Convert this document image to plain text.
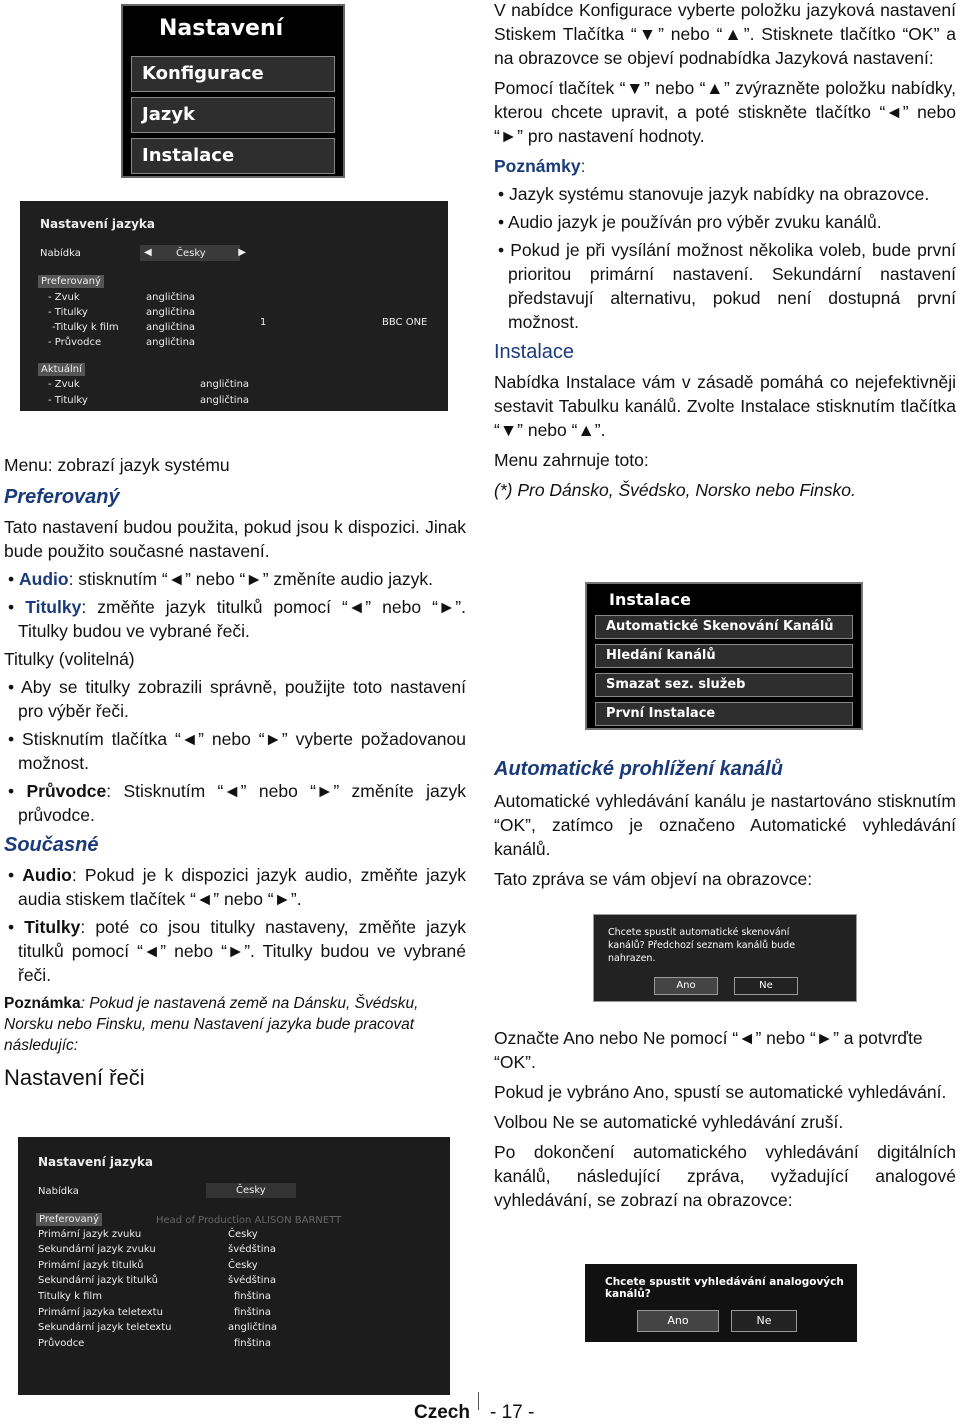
Nastavení
Konfigurace
Jazyk
Instalace
Nastavení jazyka
Nabídka	◀ Česky	▶
Preferovaný
- Zvuk	angličtina
- Titulky	angličtina
-Titulky k film	angličtina
- Průvodce	angličtina
1	BBC ONE
Aktuální
- Zvuk	angličtina
- Titulky	angličtina

Menu: zobrazí jazyk systému

Preferovaný

Tato nastavení budou použita, pokud jsou k dispozici. Jinak bude použito současné nastavení.

• Audio: stisknutím “◄” nebo “►” změníte audio jazyk.

• Titulky: změňte jazyk titulků pomocí “◄” nebo “►”. Titulky budou ve vybrané řeči.

Titulky (volitelná)

• Aby se titulky zobrazili správně, použijte toto nastavení pro výběr řeči.

• Stisknutím tlačítka “◄” nebo “►” vyberte požadovanou možnost.

• Průvodce: Stisknutím “◄” nebo “►” změníte jazyk průvodce.

Současné

• Audio: Pokud je k dispozici jazyk audio, změňte jazyk audia stiskem tlačítek “◄” nebo “►”.

• Titulky: poté co jsou titulky nastaveny, změňte jazyk titulků pomocí “◄” nebo “►”. Titulky budou ve vybrané řeči.

Poznámka: Pokud je nastavená země na Dánsku, Švédsku, Norsku nebo Finsku, menu Nastavení jazyka bude pracovat následujíc:

Nastavení řeči
Nastavení jazyka
Nabídka	Česky
Preferovaný	Head of Production ALISON BARNETT
Primární jazyk zvuku	Česky
Sekundární jazyk zvuku	švédština
Primární jazyk titulků	Česky
Sekundární jazyk titulků	švédština
Titulky k film	finština
Primární jazyka teletextu	finština
Sekundární jazyk teletextu	angličtina
Průvodce	finština

V nabídce Konfigurace vyberte položku jazyková nastavení Stiskem Tlačítka “▼” nebo “▲”. Stisknete tlačítko “OK” a na obrazovce se objeví podnabídka Jazyková nastavení:

Pomocí tlačítek “▼” nebo “▲” zvýrazněte položku nabídky, kterou chcete upravit, a poté stiskněte tlačítko “◄” nebo “►” pro nastavení hodnoty.

Poznámky:

• Jazyk systému stanovuje jazyk nabídky na obrazovce.

• Audio jazyk je používán pro výběr zvuku kanálů.

• Pokud je při vysílání možnost několika voleb, bude první prioritou primární nastavení. Sekundární nastavení představují alternativu, pokud není dostupná první možnost.

Instalace

Nabídka Instalace vám v zásadě pomáhá co nejefektivněji sestavit Tabulku kanálů. Zvolte Instalace stisknutím tlačítka “▼” nebo “▲”.

Menu zahrnuje toto:

(*) Pro Dánsko, Švédsko, Norsko nebo Finsko.

Instalace
Automatické Skenování Kanálů
Hledání kanálů
Smazat sez. služeb
První Instalace
Automatické prohlížení kanálů

Automatické vyhledávání kanálu je nastartováno stisknutím “OK”, zatímco je označeno Automatické vyhledávání kanálů.

Tato zpráva se vám objeví na obrazovce:

Chcete spustit automatické skenování
kanálů? Předchozí seznam kanálů bude
nahrazen.
Ano	Ne

Označte Ano nebo Ne pomocí “◄” nebo “►” a potvrďte “OK”.

Pokud je vybráno Ano, spustí se automatické vyhledávání.

Volbou Ne se automatické vyhledávání zruší.

Po dokončení automatického vyhledávání digitálních kanálů, následující zpráva, vyžadující analogové vyhledávání, se zobrazí na obrazovce:

Chcete spustit vyhledávání analogových kanálů?
Ano	Ne
Czech - 17 -
